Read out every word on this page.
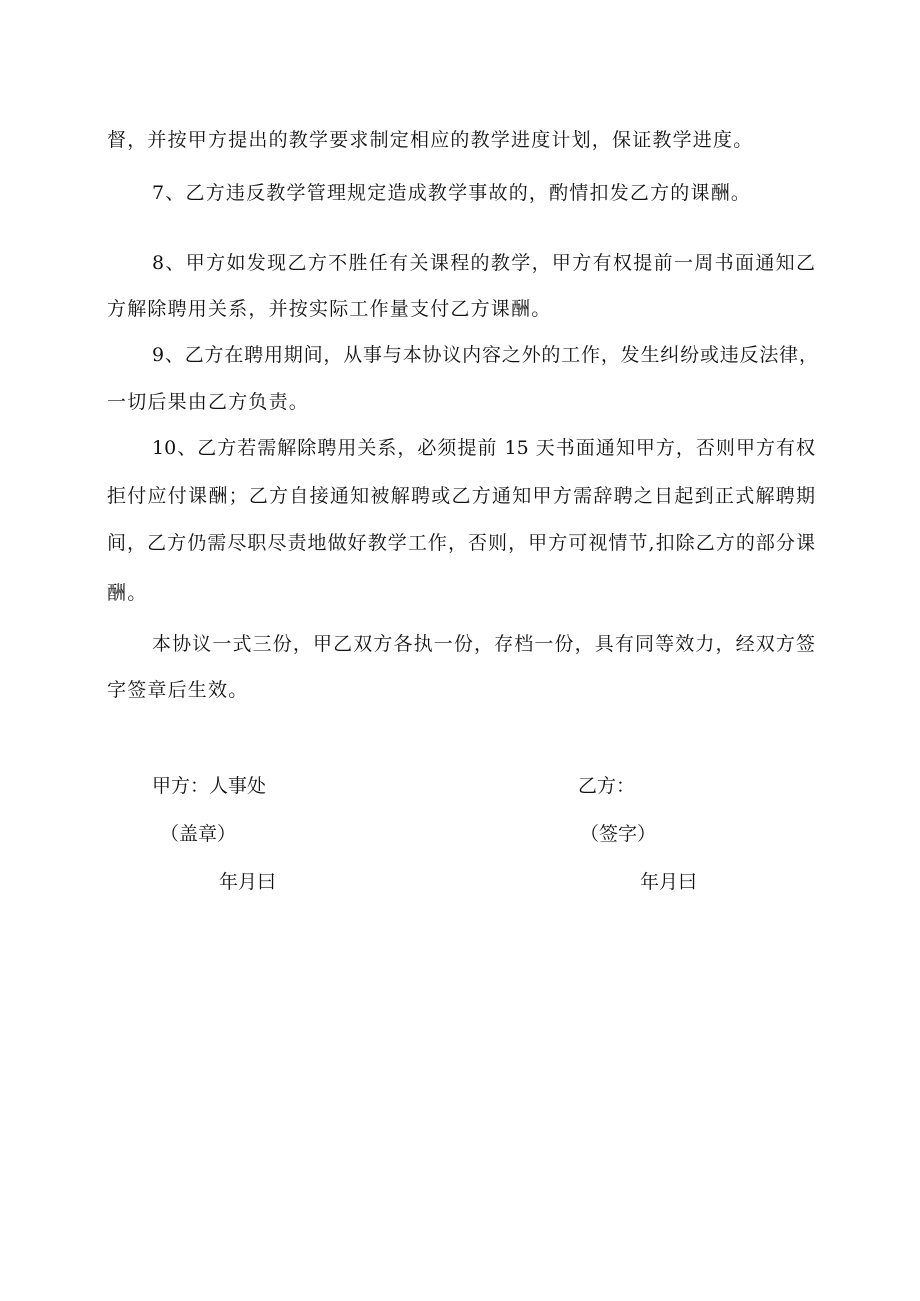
督，并按甲方提出的教学要求制定相应的教学进度计划，保证教学进度。
7、乙方违反教学管理规定造成教学事故的，酌情扣发乙方的课酬。
8、甲方如发现乙方不胜任有关课程的教学，甲方有权提前一周书面通知乙
方解除聘用关系，并按实际工作量支付乙方课酬。
9、乙方在聘用期间，从事与本协议内容之外的工作，发生纠纷或违反法律，
一切后果由乙方负责。
10、乙方若需解除聘用关系，必须提前 15 天书面通知甲方，否则甲方有权
拒付应付课酬；乙方自接通知被解聘或乙方通知甲方需辞聘之日起到正式解聘期
间，乙方仍需尽职尽责地做好教学工作，否则，甲方可视情节,扣除乙方的部分课
酬。
本协议一式三份，甲乙双方各执一份，存档一份，具有同等效力，经双方签
字签章后生效。
甲方：人事处
（盖章）
年月曰
乙方：
（签字）
年月曰
